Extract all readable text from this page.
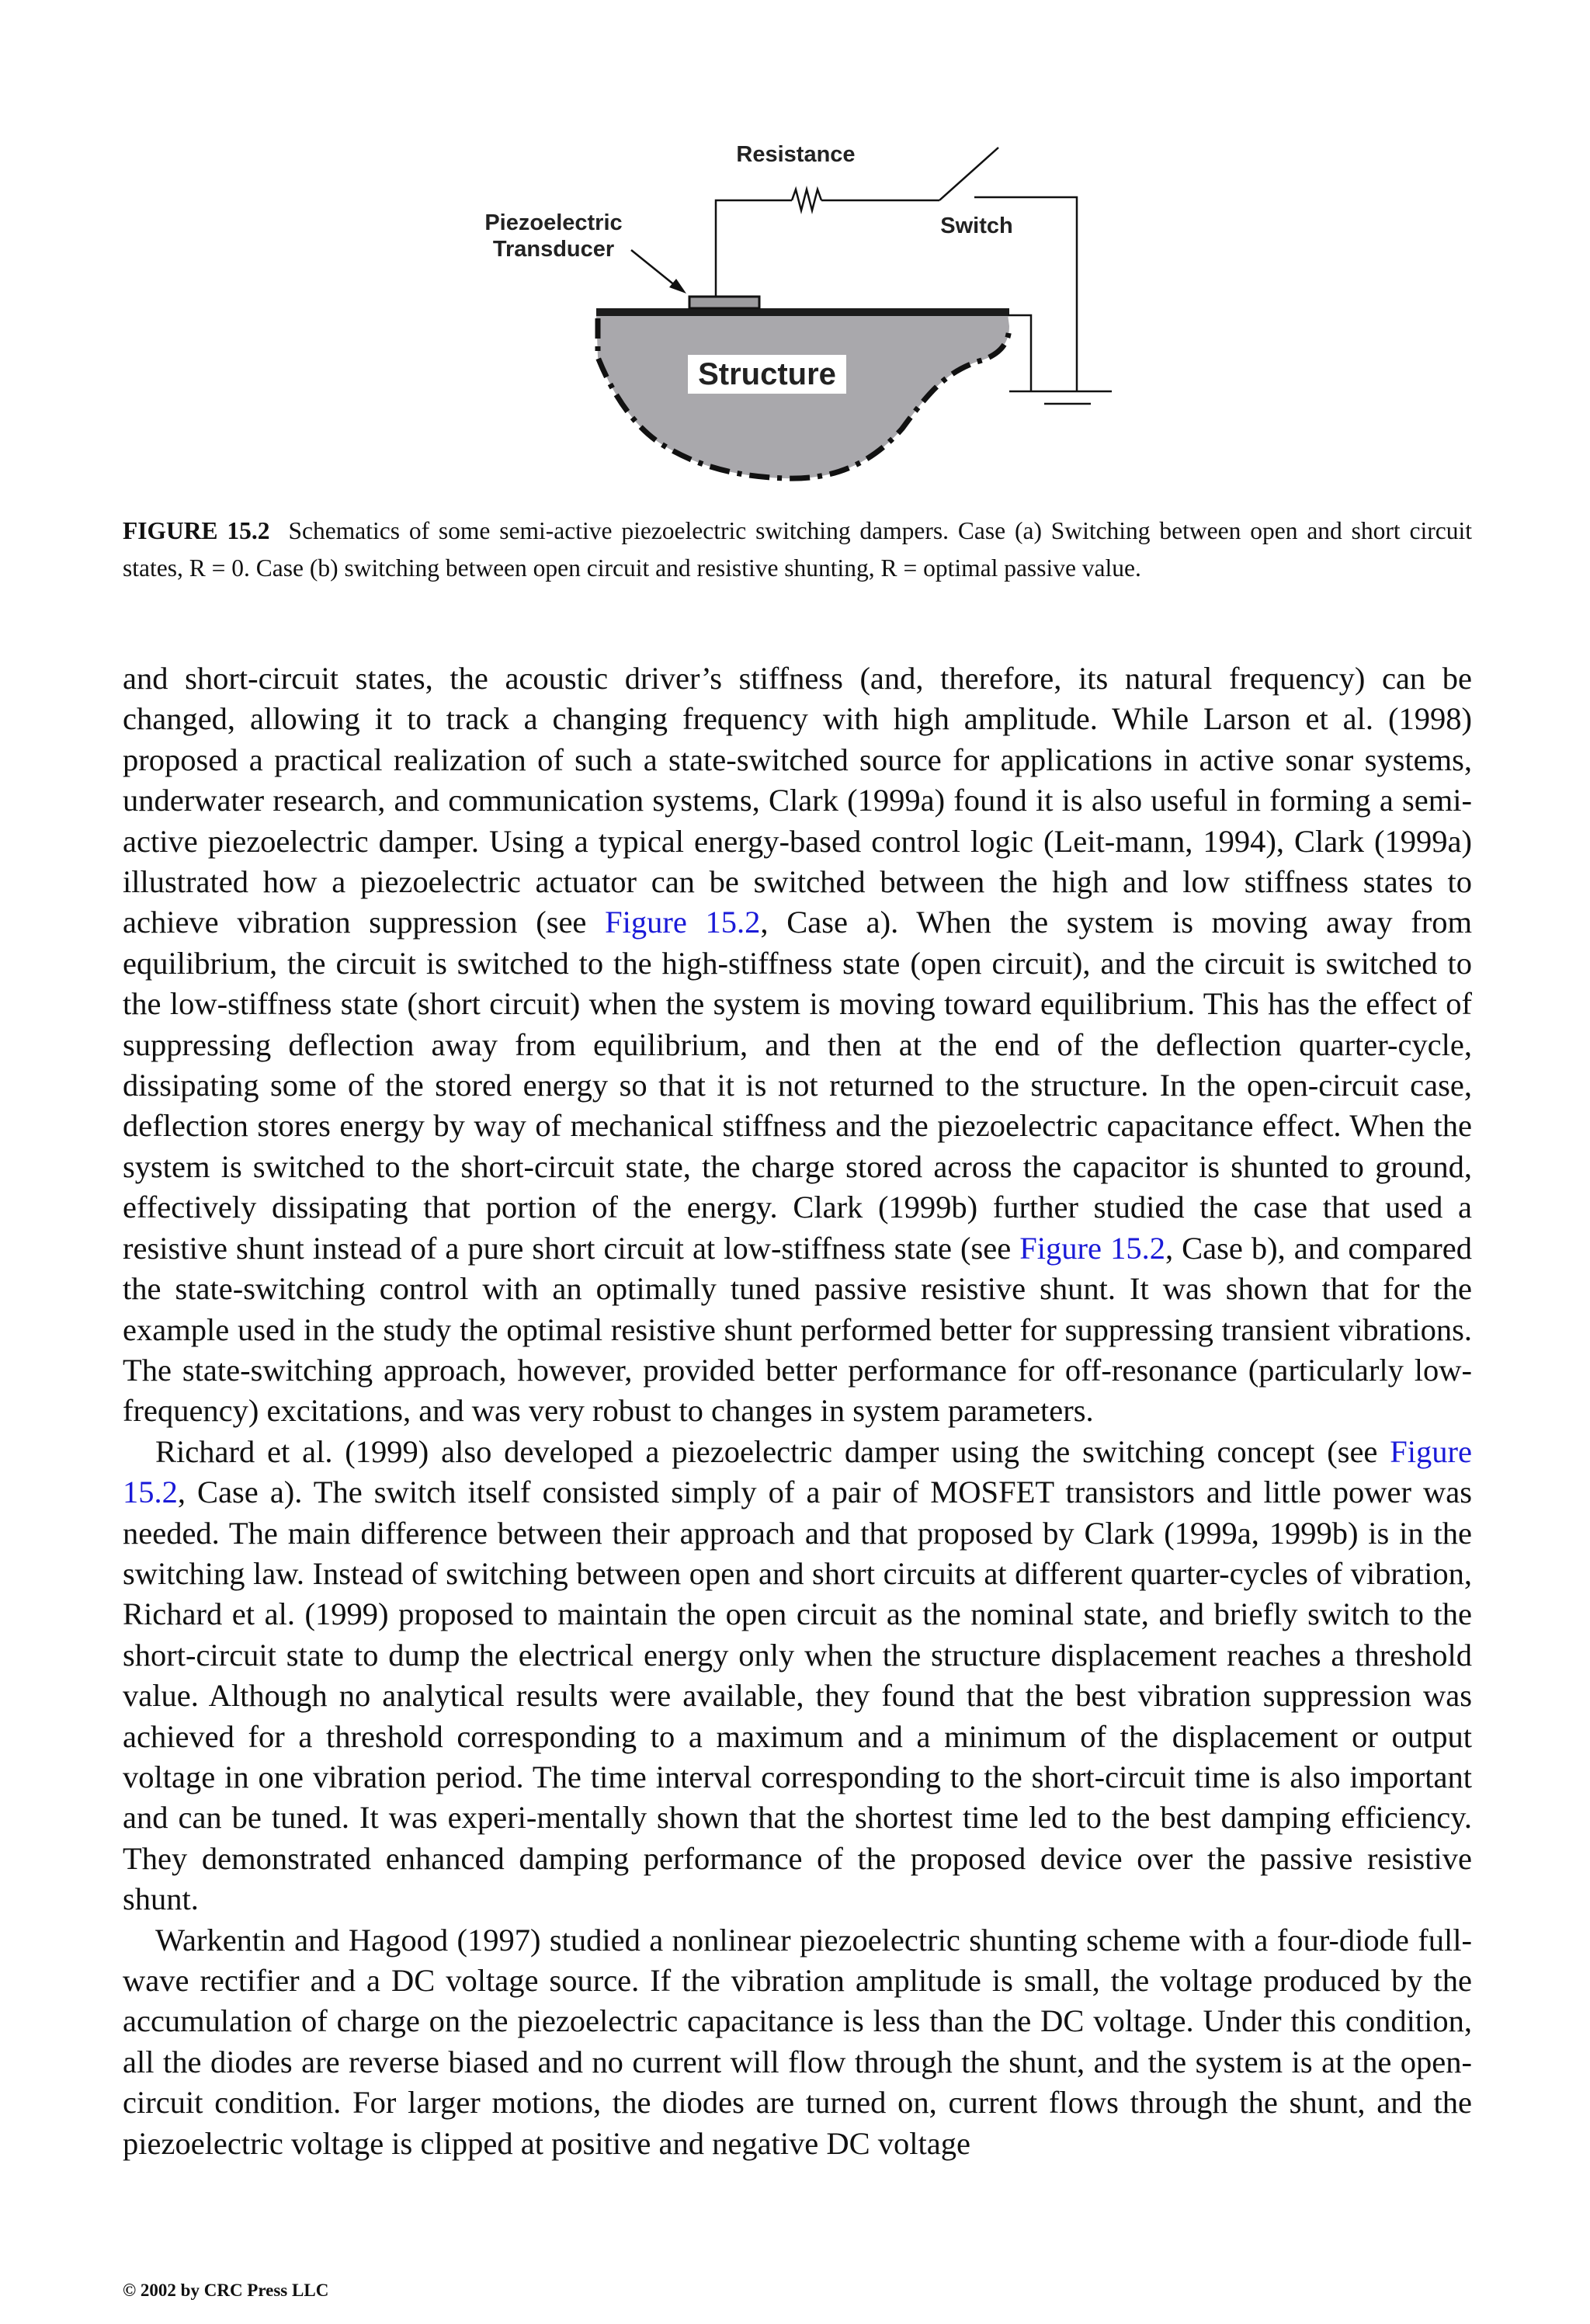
Resistance
Switch
Piezoelectric
Transducer
Structure
FIGURE 15.2 Schematics of some semi-active piezoelectric switching dampers. Case (a) Switching between open and short circuit states, R = 0. Case (b) switching between open circuit and resistive shunting, R = optimal passive value.

and short-circuit states, the acoustic driver’s stiffness (and, therefore, its natural frequency) can be changed, allowing it to track a changing frequency with high amplitude. While Larson et al. (1998) proposed a practical realization of such a state-switched source for applications in active sonar systems, underwater research, and communication systems, Clark (1999a) found it is also useful in forming a semi-active piezoelectric damper. Using a typical energy-based control logic (Leit-mann, 1994), Clark (1999a) illustrated how a piezoelectric actuator can be switched between the high and low stiffness states to achieve vibration suppression (see Figure 15.2, Case a). When the system is moving away from equilibrium, the circuit is switched to the high-stiffness state (open circuit), and the circuit is switched to the low-stiffness state (short circuit) when the system is moving toward equilibrium. This has the effect of suppressing deflection away from equilibrium, and then at the end of the deflection quarter-cycle, dissipating some of the stored energy so that it is not returned to the structure. In the open-circuit case, deflection stores energy by way of mechanical stiffness and the piezoelectric capacitance effect. When the system is switched to the short-circuit state, the charge stored across the capacitor is shunted to ground, effectively dissipating that portion of the energy. Clark (1999b) further studied the case that used a resistive shunt instead of a pure short circuit at low-stiffness state (see Figure 15.2, Case b), and compared the state-switching control with an optimally tuned passive resistive shunt. It was shown that for the example used in the study the optimal resistive shunt performed better for suppressing transient vibrations. The state-switching approach, however, provided better performance for off-resonance (particularly low-frequency) excitations, and was very robust to changes in system parameters.

Richard et al. (1999) also developed a piezoelectric damper using the switching concept (see Figure 15.2, Case a). The switch itself consisted simply of a pair of MOSFET transistors and little power was needed. The main difference between their approach and that proposed by Clark (1999a, 1999b) is in the switching law. Instead of switching between open and short circuits at different quarter-cycles of vibration, Richard et al. (1999) proposed to maintain the open circuit as the nominal state, and briefly switch to the short-circuit state to dump the electrical energy only when the structure displacement reaches a threshold value. Although no analytical results were available, they found that the best vibration suppression was achieved for a threshold corresponding to a maximum and a minimum of the displacement or output voltage in one vibration period. The time interval corresponding to the short-circuit time is also important and can be tuned. It was experi-mentally shown that the shortest time led to the best damping efficiency. They demonstrated enhanced damping performance of the proposed device over the passive resistive shunt.

Warkentin and Hagood (1997) studied a nonlinear piezoelectric shunting scheme with a four-diode full-wave rectifier and a DC voltage source. If the vibration amplitude is small, the voltage produced by the accumulation of charge on the piezoelectric capacitance is less than the DC voltage. Under this condition, all the diodes are reverse biased and no current will flow through the shunt, and the system is at the open-circuit condition. For larger motions, the diodes are turned on, current flows through the shunt, and the piezoelectric voltage is clipped at positive and negative DC voltage

© 2002 by CRC Press LLC
